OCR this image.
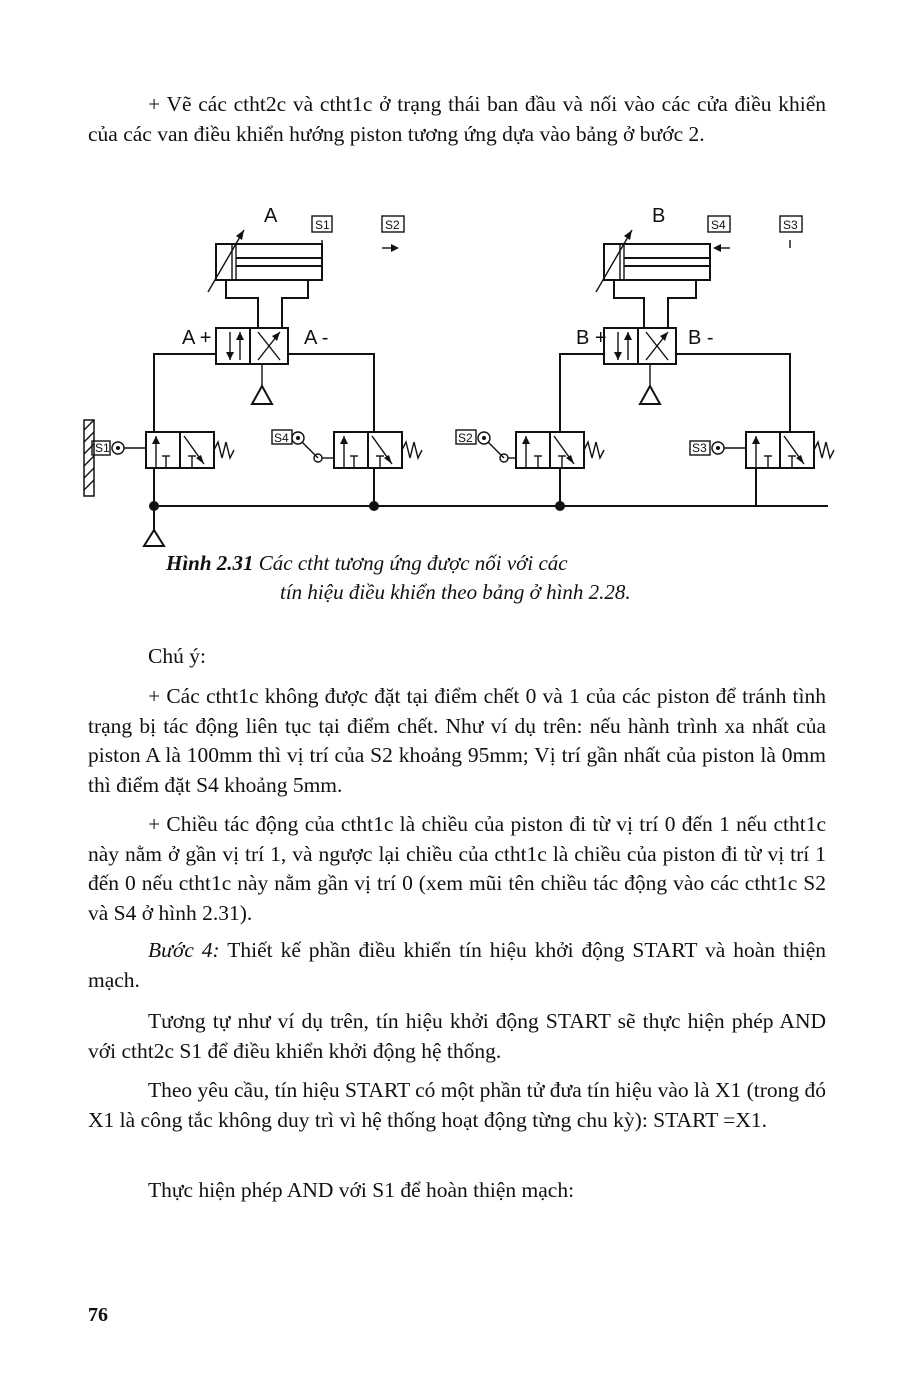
+ Vẽ các ctht2c và ctht1c ở trạng thái ban đầu và nối vào các cửa điều khiển của các van điều khiển hướng piston tương ứng dựa vào bảng ở bước 2.

A	S1	S2
A +	A -
B	S4	S3
B +	B -
S1
S4	S2
S3

Hình 2.31 Các ctht tương ứng được nối với các

tín hiệu điều khiển theo bảng ở hình 2.28.

Chú ý:

+ Các ctht1c không được đặt tại điểm chết 0 và 1 của các piston để tránh tình trạng bị tác động liên tục tại điểm chết. Như ví dụ trên: nếu hành trình xa nhất của piston A là 100mm thì vị trí của S2 khoảng 95mm; Vị trí gần nhất của piston là 0mm thì điểm đặt S4 khoảng 5mm.

+ Chiều tác động của ctht1c là chiều của piston đi từ vị trí 0 đến 1 nếu ctht1c này nằm ở gần vị trí 1, và ngược lại chiều của ctht1c là chiều của piston đi từ vị trí 1 đến 0 nếu ctht1c này nằm gần vị trí 0 (xem mũi tên chiều tác động vào các ctht1c S2 và S4 ở hình 2.31).

Bước 4: Thiết kế phần điều khiển tín hiệu khởi động START và hoàn thiện mạch.

Tương tự như ví dụ trên, tín hiệu khởi động START sẽ thực hiện phép AND với ctht2c S1 để điều khiển khởi động hệ thống.

Theo yêu cầu, tín hiệu START có một phần tử đưa tín hiệu vào là X1 (trong đó X1 là công tắc không duy trì vì hệ thống hoạt động từng chu kỳ): START =X1.

Thực hiện phép AND với S1 để hoàn thiện mạch:

76
